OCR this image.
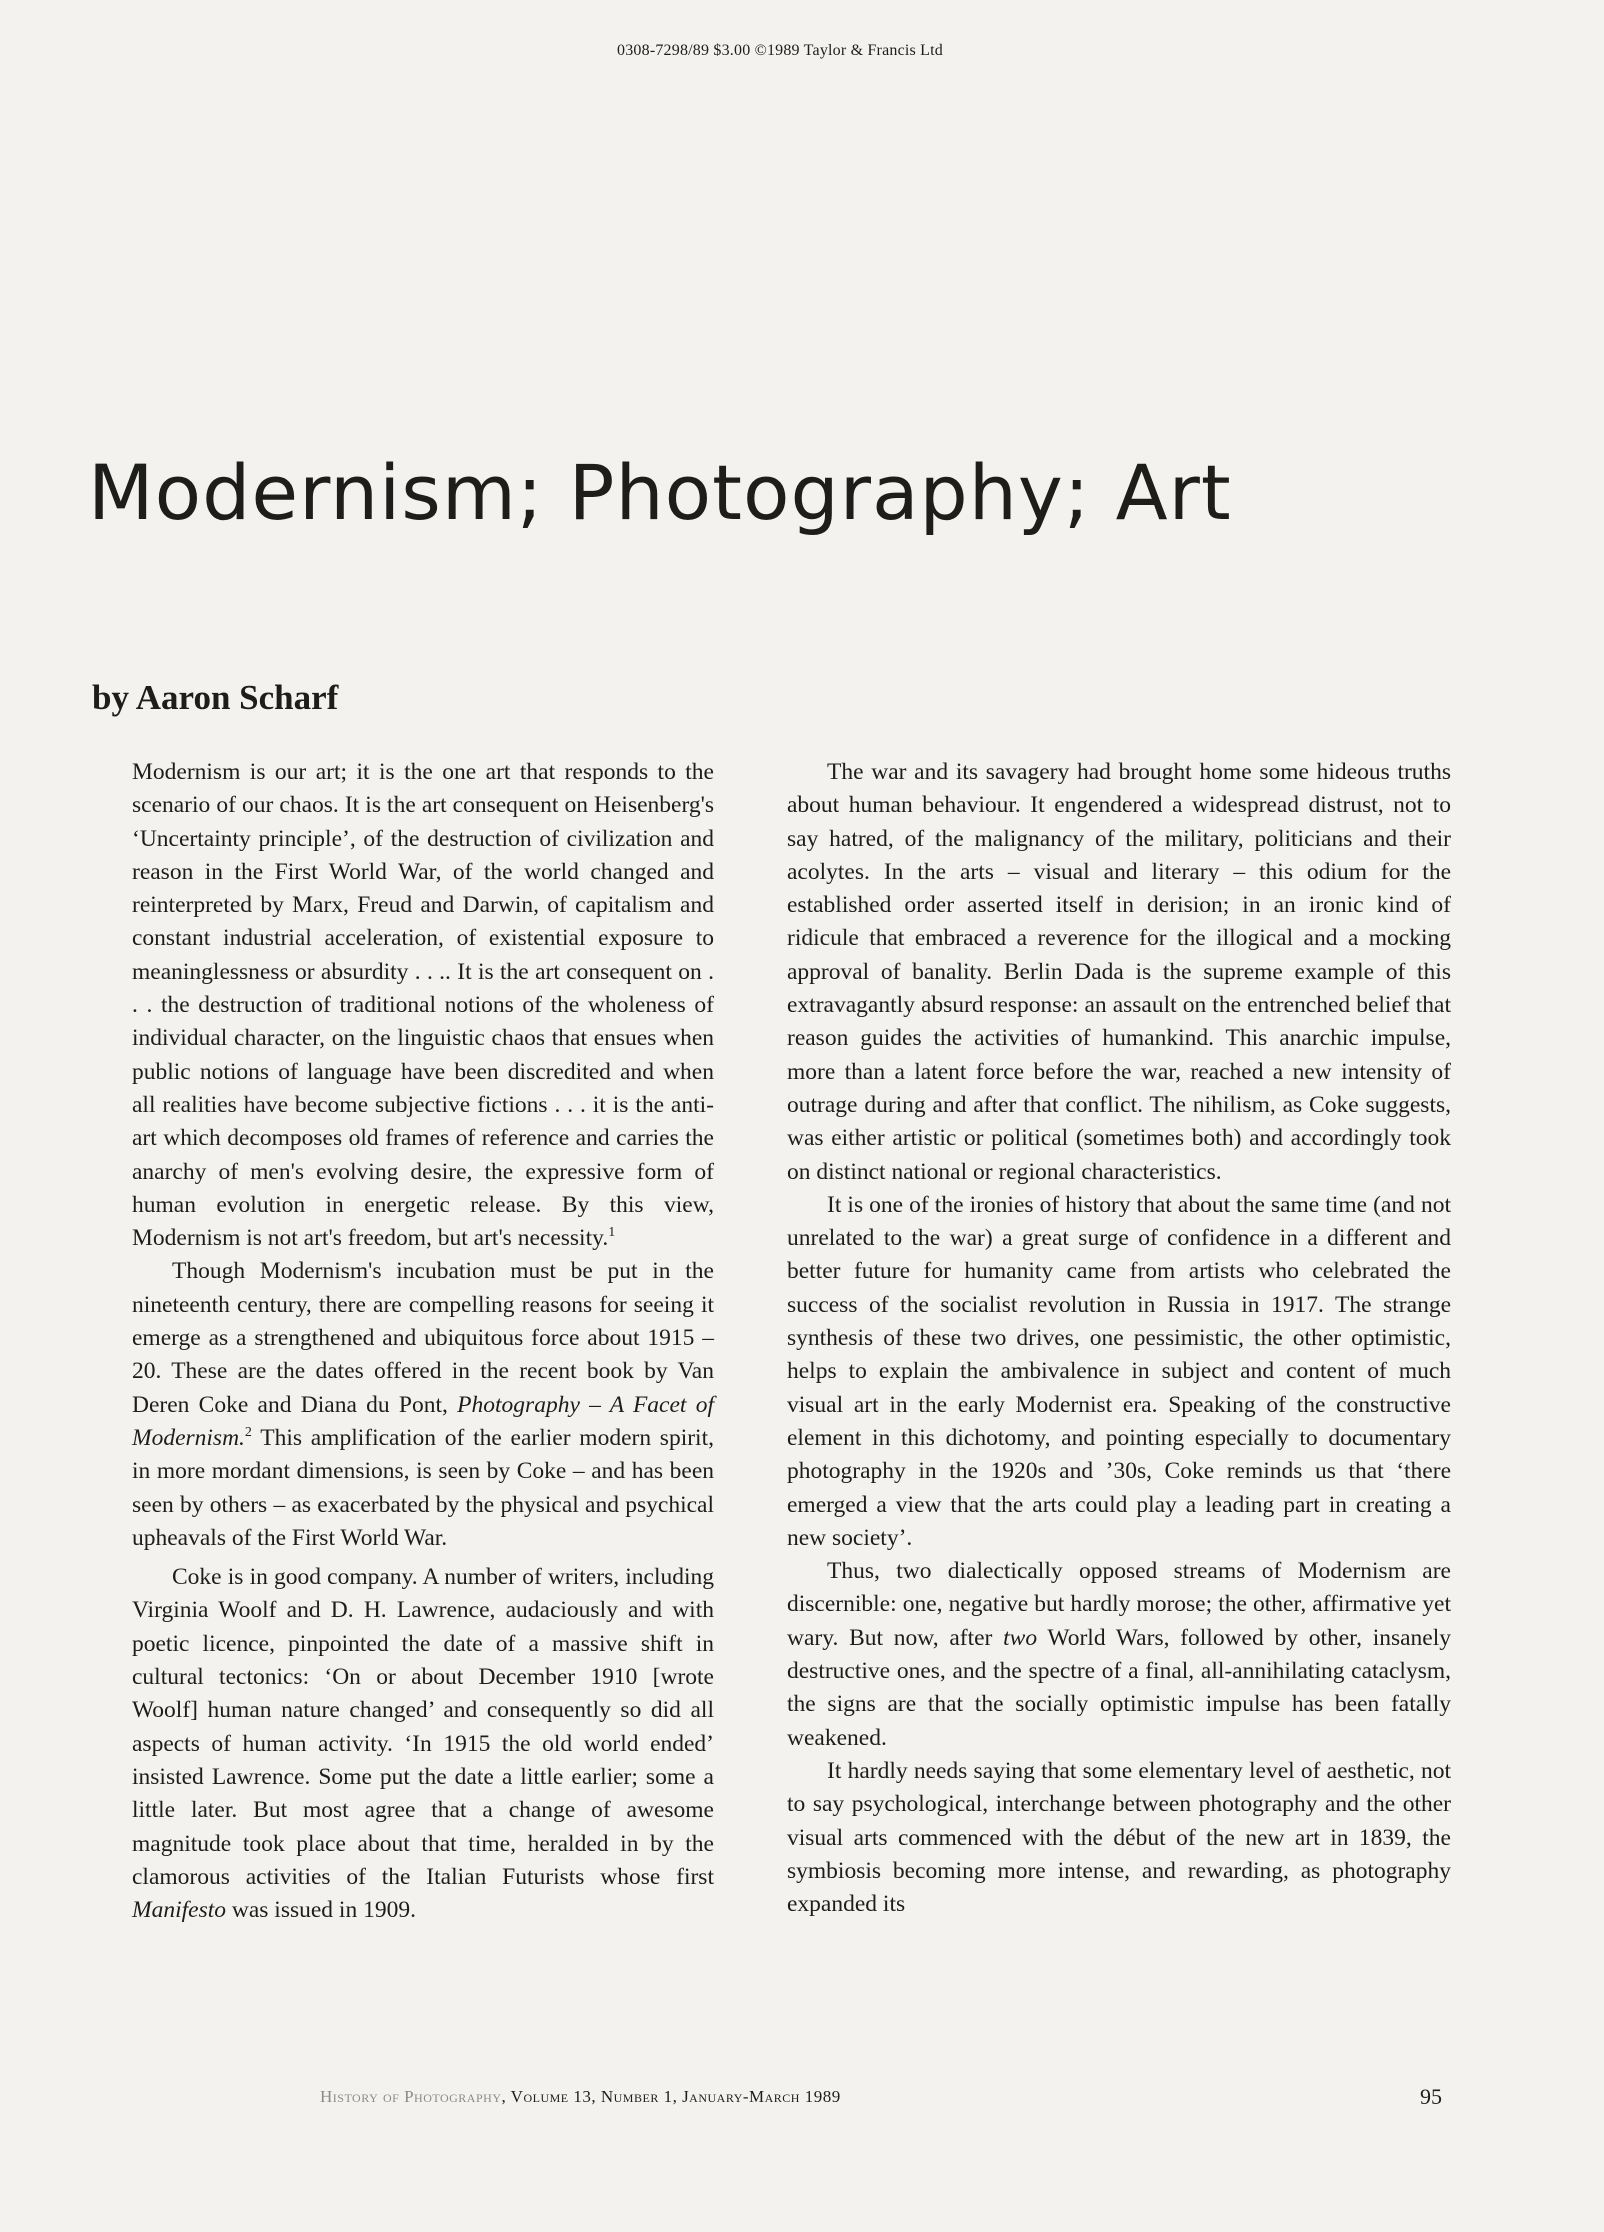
0308-7298/89 $3.00 ©1989 Taylor & Francis Ltd
Modernism; Photography; Art
by Aaron Scharf

Modernism is our art; it is the one art that responds to the scenario of our chaos. It is the art consequent on Heisenberg's ‘Uncertainty principle’, of the destruction of civilization and reason in the First World War, of the world changed and reinterpreted by Marx, Freud and Darwin, of capitalism and constant industrial acceleration, of existential exposure to meaninglessness or absurdity . . .. It is the art consequent on . . . the destruction of traditional notions of the wholeness of individual character, on the linguistic chaos that ensues when public notions of language have been discredited and when all realities have become subjective fictions . . . it is the anti-art which decomposes old frames of reference and carries the anarchy of men's evolving desire, the expressive form of human evolution in energetic release. By this view, Modernism is not art's freedom, but art's necessity.$^1$

Though Modernism's incubation must be put in the nineteenth century, there are compelling reasons for seeing it emerge as a strengthened and ubiquitous force about 1915 – 20. These are the dates offered in the recent book by Van Deren Coke and Diana du Pont, Photography – A Facet of Modernism.$^2$ This amplification of the earlier modern spirit, in more mordant dimensions, is seen by Coke – and has been seen by others – as exacerbated by the physical and psychical upheavals of the First World War.

Coke is in good company. A number of writers, including Virginia Woolf and D. H. Lawrence, audaciously and with poetic licence, pinpointed the date of a massive shift in cultural tectonics: ‘On or about December 1910 [wrote Woolf] human nature changed’ and consequently so did all aspects of human activity. ‘In 1915 the old world ended’ insisted Lawrence. Some put the date a little earlier; some a little later. But most agree that a change of awesome magnitude took place about that time, heralded in by the clamorous activities of the Italian Futurists whose first Manifesto was issued in 1909.

The war and its savagery had brought home some hideous truths about human behaviour. It engendered a widespread distrust, not to say hatred, of the malignancy of the military, politicians and their acolytes. In the arts – visual and literary – this odium for the established order asserted itself in derision; in an ironic kind of ridicule that embraced a reverence for the illogical and a mocking approval of banality. Berlin Dada is the supreme example of this extravagantly absurd response: an assault on the entrenched belief that reason guides the activities of humankind. This anarchic impulse, more than a latent force before the war, reached a new intensity of outrage during and after that conflict. The nihilism, as Coke suggests, was either artistic or political (sometimes both) and accordingly took on distinct national or regional characteristics.

It is one of the ironies of history that about the same time (and not unrelated to the war) a great surge of confidence in a different and better future for humanity came from artists who celebrated the success of the socialist revolution in Russia in 1917. The strange synthesis of these two drives, one pessimistic, the other optimistic, helps to explain the ambivalence in subject and content of much visual art in the early Modernist era. Speaking of the constructive element in this dichotomy, and pointing especially to documentary photography in the 1920s and ’30s, Coke reminds us that ‘there emerged a view that the arts could play a leading part in creating a new society’.

Thus, two dialectically opposed streams of Modernism are discernible: one, negative but hardly morose; the other, affirmative yet wary. But now, after two World Wars, followed by other, insanely destructive ones, and the spectre of a final, all-annihilating cataclysm, the signs are that the socially optimistic impulse has been fatally weakened.

It hardly needs saying that some elementary level of aesthetic, not to say psychological, interchange between photography and the other visual arts commenced with the début of the new art in 1839, the symbiosis becoming more intense, and rewarding, as photography expanded its

History of Photography, Volume 13, Number 1, January-March 1989	95
